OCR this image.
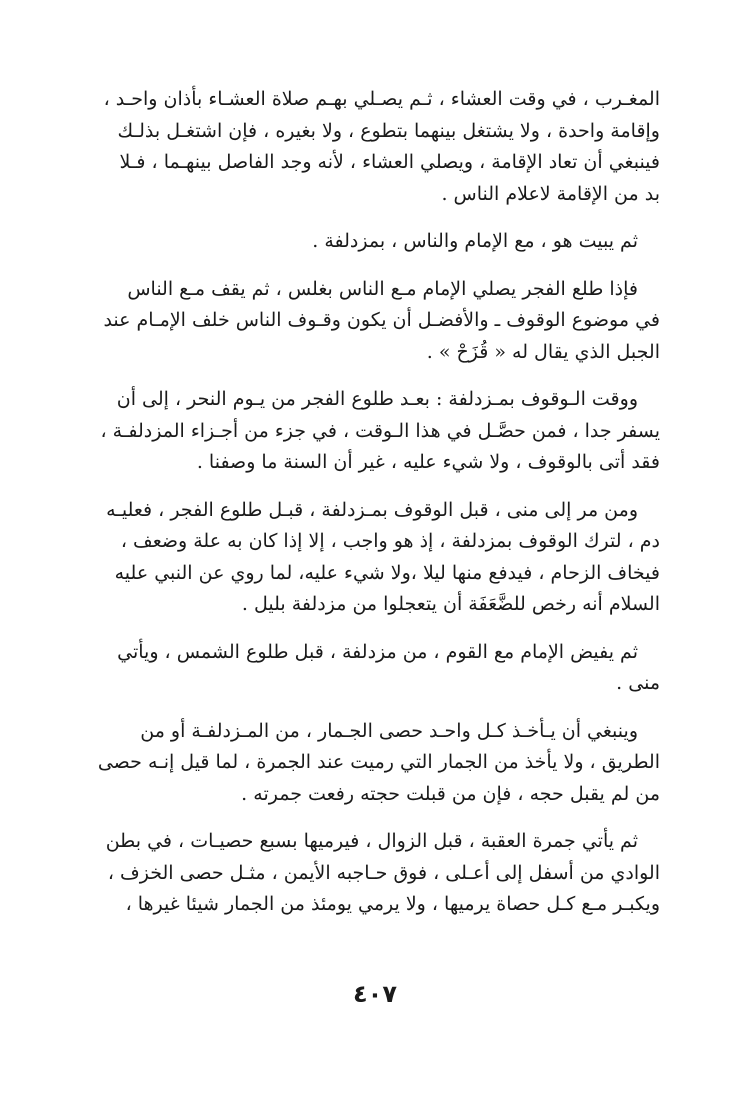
المغـرب ، في وقت العشاء ، ثـم يصـلي بهـم صلاة العشـاء بأذان واحـد ،
وإقامة واحدة ، ولا يشتغل بينهما بتطوع ، ولا بغيره ، فإن اشتغـل بذلـك
فينبغي أن تعاد الإقامة ، ويصلي العشاء ، لأنه وجد الفاصل بينهـما ، فـلا
بد من الإقامة لاعلام الناس .
ثم يبيت هو ، مع الإمام والناس ، بمزدلفة .
فإذا طلع الفجر يصلي الإمام مـع الناس بغلس ، ثم يقف مـع الناس
في موضوع الوقوف ـ والأفضـل أن يكون وقـوف الناس خلف الإمـام عند
الجبل الذي يقال له « قُزَحْ » .
ووقت الـوقوف بمـزدلفة : بعـد طلوع الفجر من يـوم النحر ، إلى أن
يسفر جدا ، فمن حصَّـل في هذا الـوقت ، في جزء من أجـزاء المزدلفـة ،
فقد أتى بالوقوف ، ولا شيء عليه ، غير أن السنة ما وصفنا .
ومن مر إلى منى ، قبل الوقوف بمـزدلفة ، قبـل طلوع الفجر ، فعليـه
دم ، لترك الوقوف بمزدلفة ، إذ هو واجب ، إلا إذا كان به علة وضعف ،
فيخاف الزحام ، فيدفع منها ليلا ،ولا شيء عليه، لما روي عن النبي عليه
السلام أنه رخص للضَّعَفَة أن يتعجلوا من مزدلفة بليل .
ثم يفيض الإمام مع القوم ، من مزدلفة ، قبل طلوع الشمس ، ويأتي
منى .
وينبغي أن يـأخـذ كـل واحـد حصى الجـمار ، من المـزدلفـة أو من
الطريق ، ولا يأخذ من الجمار التي رميت عند الجمرة ، لما قيل إنـه حصى
من لم يقبل حجه ، فإن من قبلت حجته رفعت جمرته .
ثم يأتي جمرة العقبة ، قبل الزوال ، فيرميها بسبع حصيـات ، في بطن
الوادي من أسفل إلى أعـلى ، فوق حـاجبه الأيمن ، مثـل حصى الخزف ،
ويكبـر مـع كـل حصاة يرميها ، ولا يرمي يومئذ من الجمار شيئا غيرها ،
٤٠٧
